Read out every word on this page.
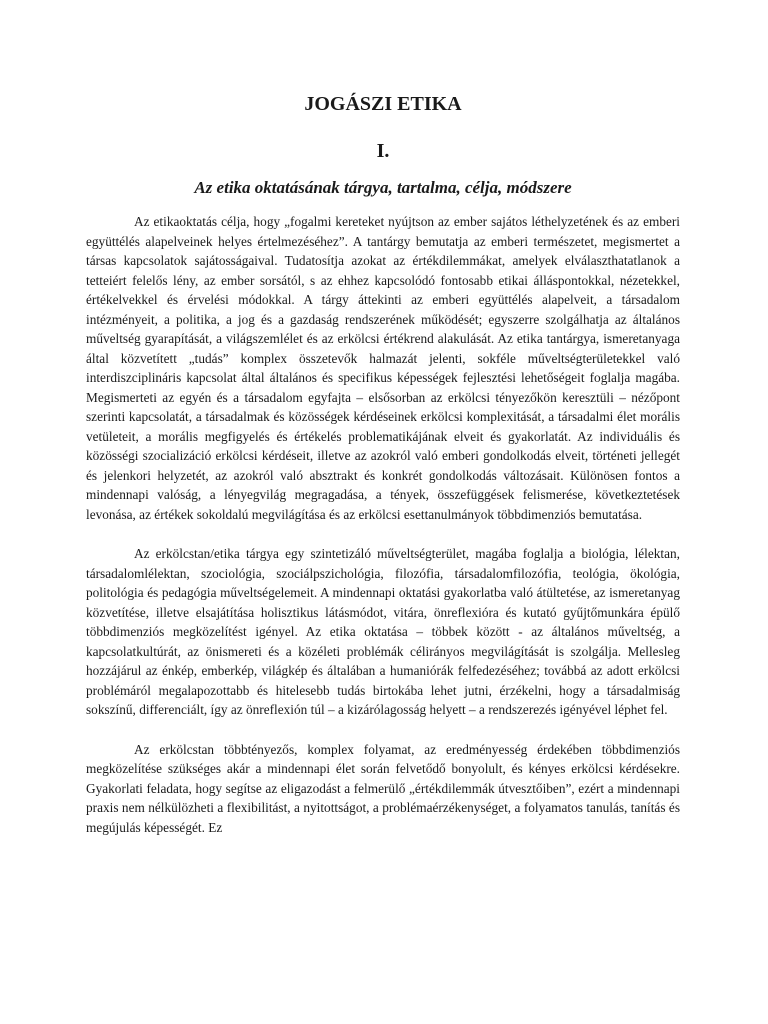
JOGÁSZI ETIKA
I.
Az etika oktatásának tárgya, tartalma, célja, módszere

Az etikaoktatás célja, hogy „fogalmi kereteket nyújtson az ember sajátos léthelyzetének és az emberi együttélés alapelveinek helyes értelmezéséhez”. A tantárgy bemutatja az emberi természetet, megismertet a társas kapcsolatok sajátosságaival. Tudatosítja azokat az értékdilemmákat, amelyek elválaszthatatlanok a tetteiért felelős lény, az ember sorsától, s az ehhez kapcsolódó fontosabb etikai álláspontokkal, nézetekkel, értékelvekkel és érvelési módokkal. A tárgy áttekinti az emberi együttélés alapelveit, a társadalom intézményeit, a politika, a jog és a gazdaság rendszerének működését; egyszerre szolgálhatja az általános műveltség gyarapítását, a világszemlélet és az erkölcsi értékrend alakulását. Az etika tantárgya, ismeretanyaga által közvetített „tudás” komplex összetevők halmazát jelenti, sokféle műveltségterületekkel való interdiszciplináris kapcsolat által általános és specifikus képességek fejlesztési lehetőségeit foglalja magába. Megismerteti az egyén és a társadalom egyfajta – elsősorban az erkölcsi tényezőkön keresztüli – nézőpont szerinti kapcsolatát, a társadalmak és közösségek kérdéseinek erkölcsi komplexitását, a társadalmi élet morális vetületeit, a morális megfigyelés és értékelés problematikájának elveit és gyakorlatát. Az individuális és közösségi szocializáció erkölcsi kérdéseit, illetve az azokról való emberi gondolkodás elveit, történeti jellegét és jelenkori helyzetét, az azokról való absztrakt és konkrét gondolkodás változásait. Különösen fontos a mindennapi valóság, a lényegvilág megragadása, a tények, összefüggések felismerése, következtetések levonása, az értékek sokoldalú megvilágítása és az erkölcsi esettanulmányok többdimenziós bemutatása.

Az erkölcstan/etika tárgya egy szintetizáló műveltségterület, magába foglalja a biológia, lélektan, társadalomlélektan, szociológia, szociálpszichológia, filozófia, társadalomfilozófia, teológia, ökológia, politológia és pedagógia műveltségelemeit. A mindennapi oktatási gyakorlatba való átültetése, az ismeretanyag közvetítése, illetve elsajátítása holisztikus látásmódot, vitára, önreflexióra és kutató gyűjtőmunkára épülő többdimenziós megközelítést igényel. Az etika oktatása – többek között - az általános műveltség, a kapcsolatkultúrát, az önismereti és a közéleti problémák célirányos megvilágítását is szolgálja. Mellesleg hozzájárul az énkép, emberkép, világkép és általában a humaniórák felfedezéséhez; továbbá az adott erkölcsi problémáról megalapozottabb és hitelesebb tudás birtokába lehet jutni, érzékelni, hogy a társadalmiság sokszínű, differenciált, így az önreflexión túl – a kizárólagosság helyett – a rendszerezés igényével léphet fel.

Az erkölcstan többtényezős, komplex folyamat, az eredményesség érdekében többdimenziós megközelítése szükséges akár a mindennapi élet során felvetődő bonyolult, és kényes erkölcsi kérdésekre. Gyakorlati feladata, hogy segítse az eligazodást a felmerülő „értékdilemmák útvesztőiben”, ezért a mindennapi praxis nem nélkülözheti a flexibilitást, a nyitottságot, a problémaérzékenységet, a folyamatos tanulás, tanítás és megújulás képességét. Ez
